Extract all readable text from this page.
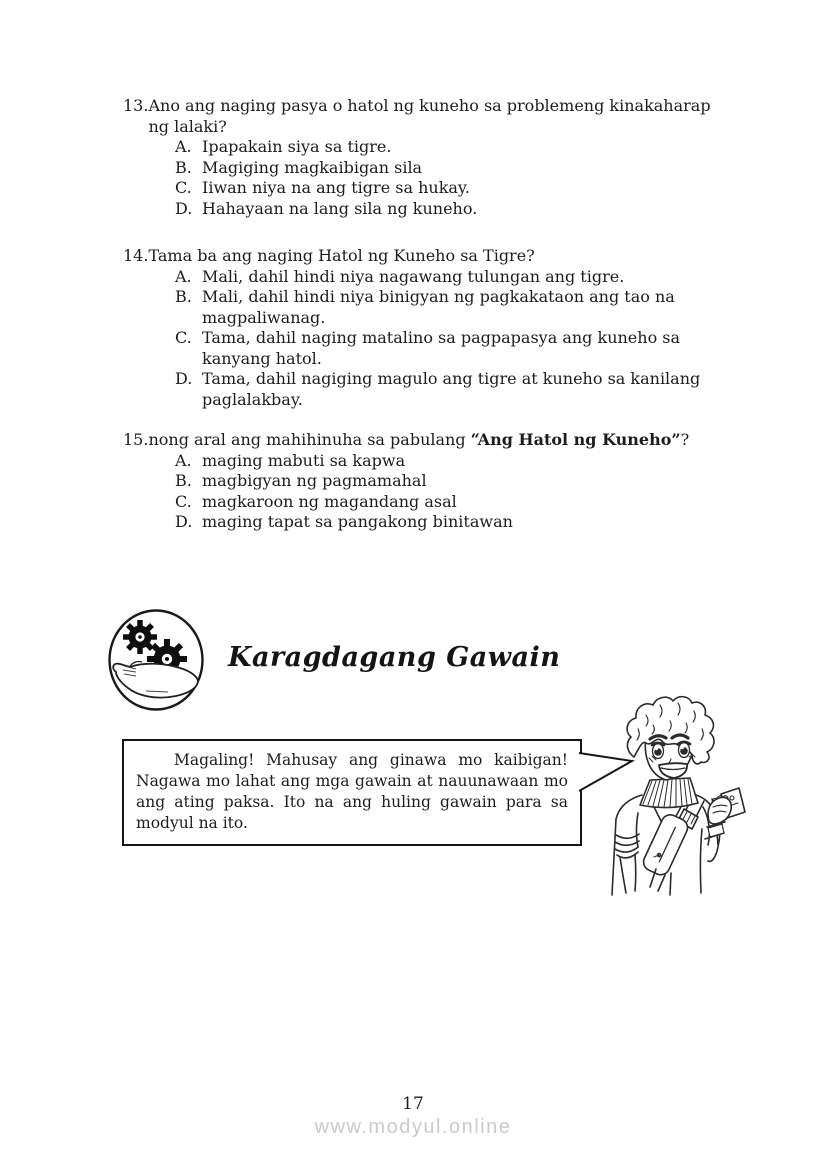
13. Ano ang naging pasya o hatol ng kuneho sa problemeng kinakaharap ng lalaki?
A. Ipapakain siya sa tigre.
B. Magiging magkaibigan sila
C. Iiwan niya na ang tigre sa hukay.
D. Hahayaan na lang sila ng kuneho.
14. Tama ba ang naging Hatol ng Kuneho sa Tigre?
A. Mali, dahil hindi niya nagawang tulungan ang tigre.
B. Mali, dahil hindi niya binigyan ng pagkakataon ang tao na magpaliwanag.
C. Tama, dahil naging matalino sa pagpapasya ang kuneho sa kanyang hatol.
D. Tama, dahil nagiging magulo ang tigre at kuneho sa kanilang paglalakbay.
15. nong aral ang mahihinuha sa pabulang “Ang Hatol ng Kuneho”?
A. maging mabuti sa kapwa
B. magbigyan ng pagmamahal
C. magkaroon ng magandang asal
D. maging tapat sa pangakong binitawan
Karagdagang Gawain

Magaling! Mahusay ang ginawa mo kaibigan! Nagawa mo lahat ang mga gawain at nauunawaan mo ang ating paksa. Ito na ang huling gawain para sa modyul na ito.

17
www.modyul.online
